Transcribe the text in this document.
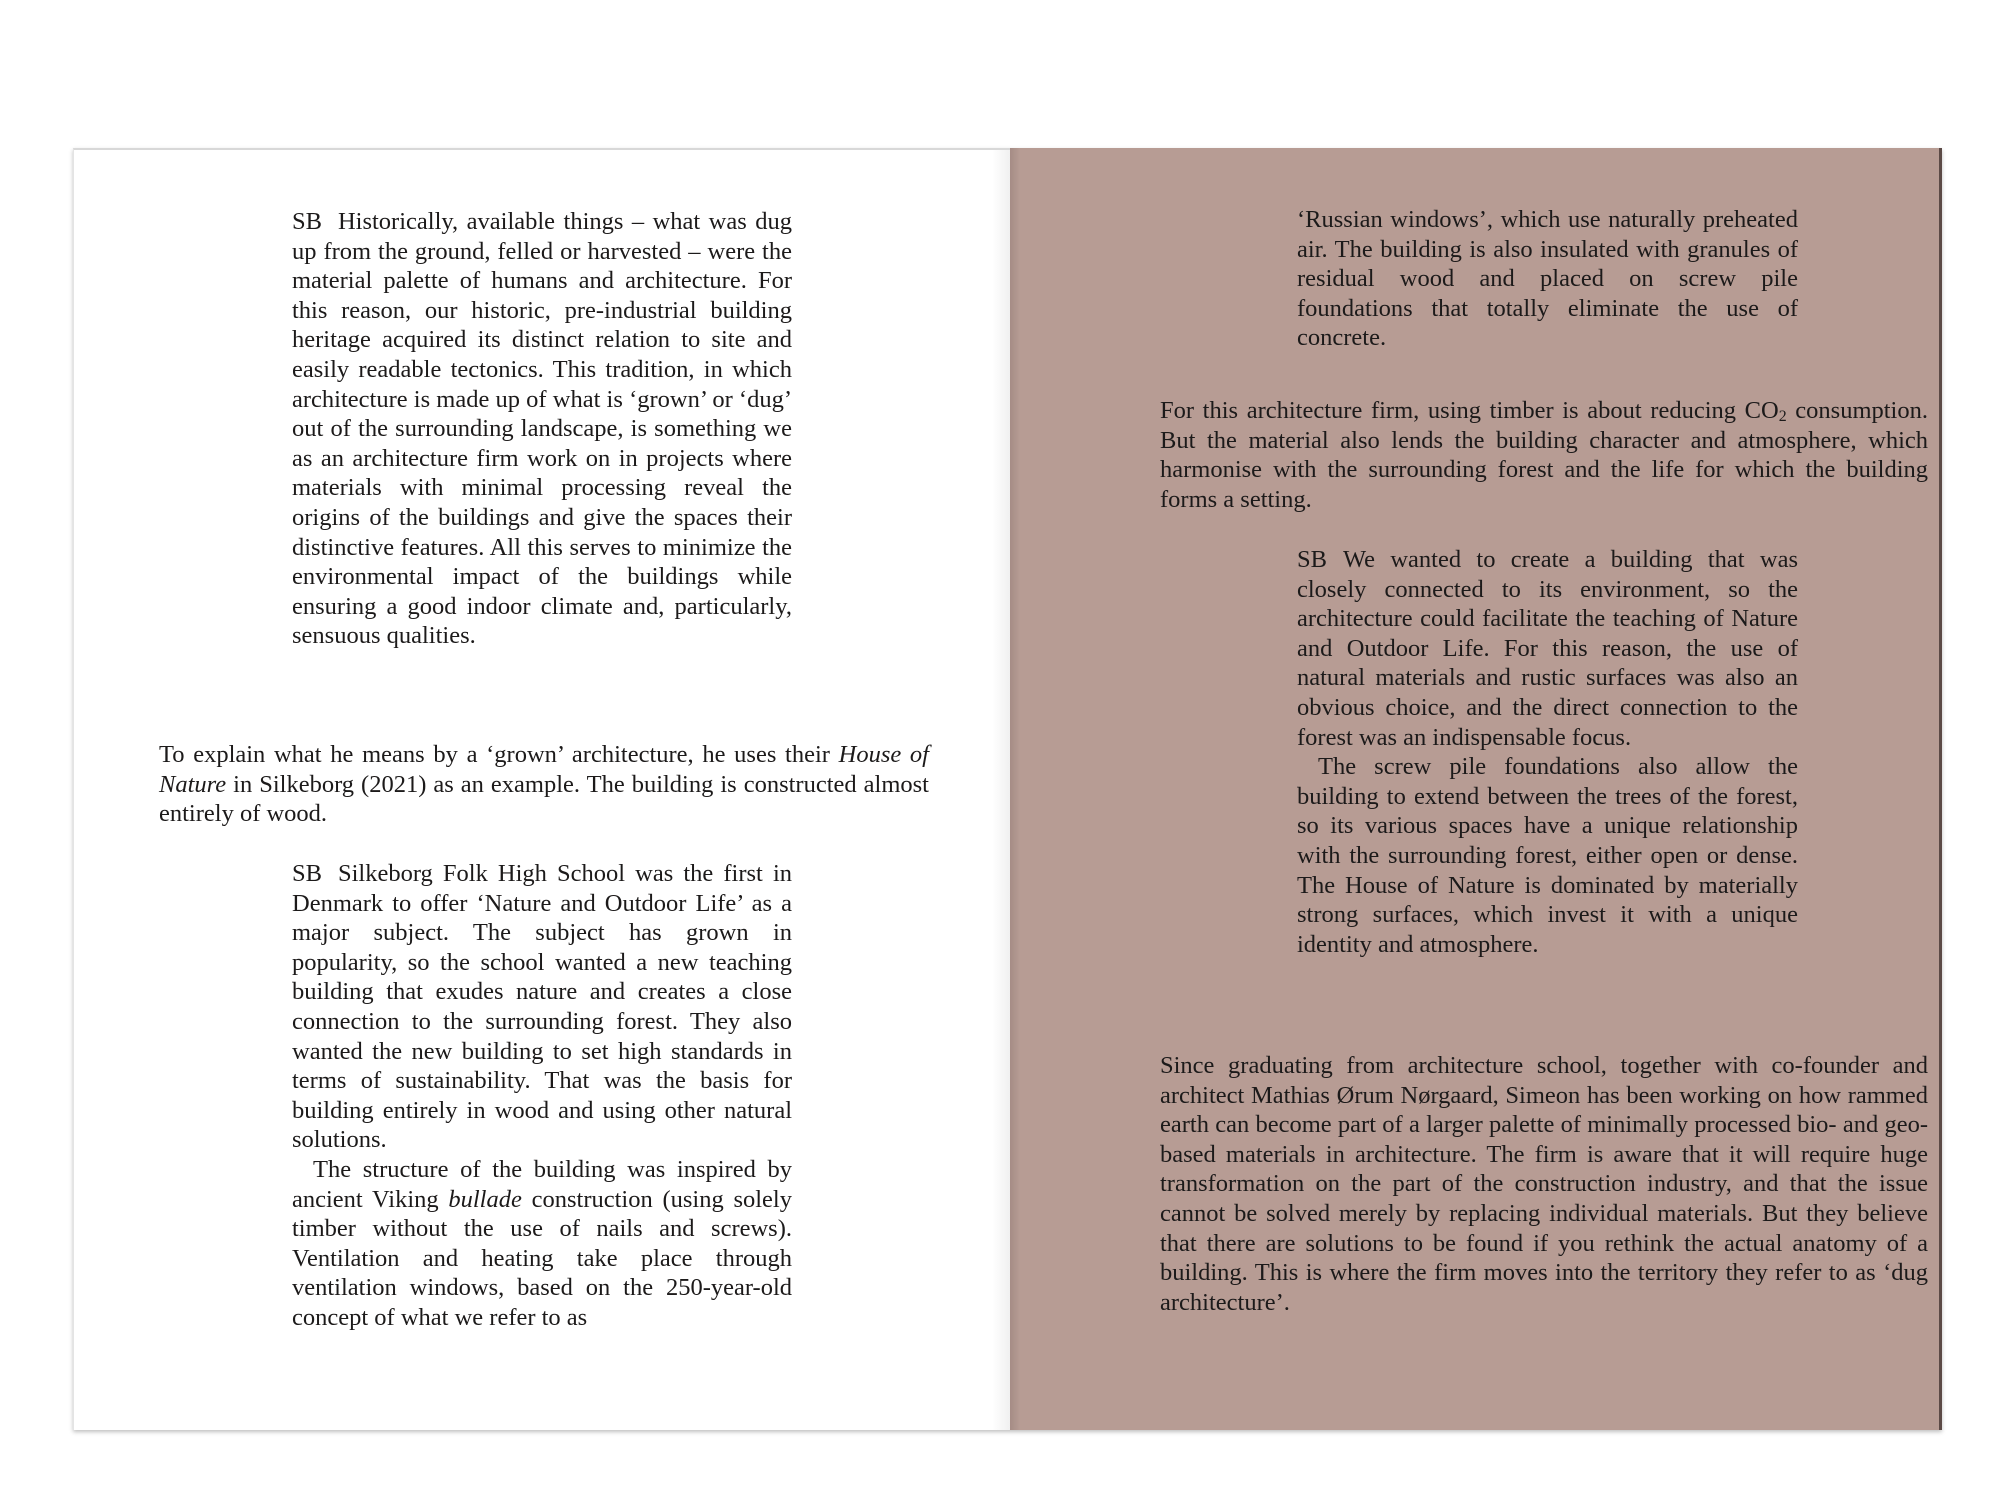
SB Historically, available things – what was dug up from the ground, felled or harvested – were the material palette of humans and architecture. For this reason, our historic, pre-industrial building heritage acquired its distinct relation to site and easily readable tectonics. This tradition, in which architecture is made up of what is ‘grown’ or ‘dug’ out of the surrounding landscape, is something we as an architecture firm work on in projects where materials with minimal processing reveal the origins of the buildings and give the spaces their distinctive features. All this serves to minimize the environmental impact of the buildings while ensuring a good indoor climate and, particularly, sensuous qualities.

To explain what he means by a ‘grown’ architecture, he uses their House of Nature in Silkeborg (2021) as an example. The building is constructed almost entirely of wood.

SB Silkeborg Folk High School was the first in Denmark to offer ‘Nature and Outdoor Life’ as a major subject. The subject has grown in popularity, so the school wanted a new teaching building that exudes nature and creates a close connection to the surrounding forest. They also wanted the new building to set high standards in terms of sustainability. That was the basis for building entirely in wood and using other natural solutions.

The structure of the building was inspired by ancient Viking bullade construction (using solely timber without the use of nails and screws). Ventilation and heating take place through ventilation windows, based on the 250-year-old concept of what we refer to as

‘Russian windows’, which use naturally preheated air. The building is also insulated with granules of residual wood and placed on screw pile foundations that totally eliminate the use of concrete.

For this architecture firm, using timber is about reducing $CO_2$ consumption. But the material also lends the building character and atmosphere, which harmonise with the surrounding forest and the life for which the building forms a setting.

SB We wanted to create a building that was closely connected to its environment, so the architecture could facilitate the teaching of Nature and Outdoor Life. For this reason, the use of natural materials and rustic surfaces was also an obvious choice, and the direct connection to the forest was an indispensable focus.

The screw pile foundations also allow the building to extend between the trees of the forest, so its various spaces have a unique relationship with the surrounding forest, either open or dense. The House of Nature is dominated by materially strong surfaces, which invest it with a unique identity and atmosphere.

Since graduating from architecture school, together with co-founder and architect Mathias Ørum Nørgaard, Simeon has been working on how rammed earth can become part of a larger palette of minimally processed bio- and geo-based materials in architecture. The firm is aware that it will require huge transformation on the part of the construction industry, and that the issue cannot be solved merely by replacing individual materials. But they believe that there are solutions to be found if you rethink the actual anatomy of a building. This is where the firm moves into the territory they refer to as ‘dug architecture’.
